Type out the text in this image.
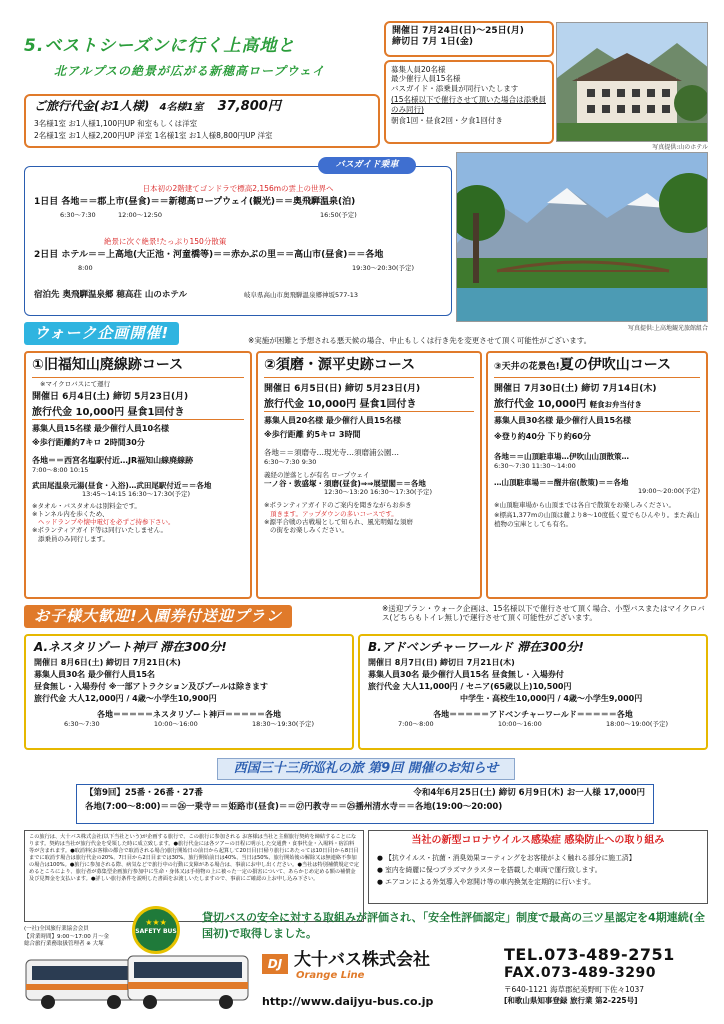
5.ベストシーズンに行く上高地と
北アルプスの絶景が広がる新穂高ロープウェイ
開催日 7月24日(日)～25日(月)
締切日 7月 1日(金)
募集人員20名様
最少催行人員15名様
バスガイド・添乗員が同行いたします
(15名様以下で催行させて頂いた場合は添乗員のみ同行)
朝食1回・昼食2回・夕食1回付き
写真提供:山のホテル
ご旅行代金(お1人様) 4名様1室 37,800円
3名様1室 お1人様1,100円UP 和室もしくは洋室
2名様1室 お1人様2,200円UP 洋室 1名様1室 お1人様8,800円UP 洋室
バスガイド乗車
日本初の2階建てゴンドラで標高2,156mの雲上の世界へ
1日目 各地＝＝郡上市(昼食)＝＝新穂高ロープウェイ(観光)＝＝奥飛騨温泉(泊)
6:30～7:30	12:00～12:50	16:50(予定)
絶景に次ぐ絶景!たっぷり150分散策
2日目 ホテル＝＝上高地(大正池・河童橋等)＝＝赤かぶの里＝＝高山市(昼食)＝＝各地
8:00	19:30～20:30(予定)
宿泊先 奥飛騨温泉郷 穂高荘 山のホテル	岐阜県高山市奥飛騨温泉郷神坂577-13
写真提供:上高地観光旅館組合
ウォーク企画開催!	※実施が困難と予想される悪天候の場合、中止もしくは行き先を変更させて頂く可能性がございます。
①旧福知山廃線跡コース
※マイクロバスにて運行
開催日 6月4日(土) 締切 5月23日(月)
旅行代金 10,000円 昼食1回付き
募集人員15名様 最少催行人員10名様
※歩行距離約7キロ 2時間30分
各地＝＝西宮名塩駅付近…JR福知山線廃線跡
7:00～8:00 10:15
武田尾温泉元湯(昼食・入浴)…武田尾駅付近＝＝各地
13:45～14:15 16:30～17:30(予定)
※タオル・バスタオルは別料金です。
※トンネル内を歩くため、
ヘッドランプや懐中電灯を必ずご持参下さい。
※ボランティアガイド等は同行いたしません。
添乗員のみ同行します。
②須磨・源平史跡コース
開催日 6月5日(日) 締切 5月23日(月)
旅行代金 10,000円 昼食1回付き
募集人員20名様 最少催行人員15名様
※歩行距離 約5キロ 3時間
各地＝＝須磨寺…現光寺…須磨浦公園…
6:30～7:30 9:30
義経の逆落としが有名 ロープウェイ
一ノ谷・敦盛塚・須磨(昼食)⇒⇒展望閣＝＝各地
12:30～13:20 16:30～17:30(予定)
※ボランティアガイドのご案内を聞きながらお歩き
頂きます。アップダウンの多いコースです。
※源平合戦の古戦場として知られ、風光明媚な須磨
の街をお楽しみください。
③天井の花景色!夏の伊吹山コース
開催日 7月30日(土) 締切 7月14日(木)
旅行代金 10,000円 軽食お弁当付き
募集人員30名様 最少催行人員15名様
※登り約40分 下り約60分
各地＝＝山頂駐車場…伊吹山山頂散策…
6:30～7:30 11:30～14:00
…山頂駐車場＝＝醒井宿(散策)＝＝各地
19:00～20:00(予定)
※山頂駐車場から山頂までは各自で散策をお楽しみください。
※標高1,377mの山頂は麓より8～10度低く夏でもひんやり。また高山植物の宝庫としても有名。
お子様大歓迎!入園券付送迎プラン	※送迎プラン・ウォーク企画は、15名様以下で催行させて頂く場合、小型バスまたはマイクロバス(どちらもトイレ無し)で運行させて頂く可能性がございます。
A.ネスタリゾート神戸 滞在300分!
開催日 8月6日(土) 締切日 7月21日(木)
募集人員30名 最少催行人員15名
昼食無し・入場券付 ※一部アトラクション及びプールは除きます
旅行代金 大人12,000円 / 4歳～小学生10,900円
各地＝＝＝＝＝ネスタリゾート神戸＝＝＝＝＝各地
6:30～7:30	10:00～16:00	18:30～19:30(予定)
B.アドベンチャーワールド 滞在300分!
開催日 8月7日(日) 締切日 7月21日(木)
募集人員30名 最少催行人員15名 昼食無し・入場券付
旅行代金 大人11,000円 / セニア(65歳以上)10,500円
中学生・高校生10,000円 / 4歳～小学生9,000円
各地＝＝＝＝＝アドベンチャーワールド＝＝＝＝＝各地
7:00～8:00	10:00～16:00	18:00～19:00(予定)
西国三十三所巡礼の旅 第9回 開催のお知らせ
【第9回】25番・26番・27番	令和4年6月25日(土) 締切 6月9日(木) お一人様 17,000円
各地(7:00～8:00)＝＝㉖一乗寺＝＝姫路市(昼食)＝＝㉗円教寺＝＝㉕播州清水寺＝＝各地(19:00～20:00)
この旅行は、大十バス株式会社(以下当社という)が企画する旅行で、この旅行に参加される お客様は当社と主催旅行契約を締結することになります。契約は当社が旅行代金を受領した時に成立致します。●旅行代金には各ツアーの日程に明示した交通費・食事代金・入場料・宿泊料等が含まれます。●取消料(お客様の都合で取消される場合)旅行開始日の前日から起算して20日目(日帰り旅行にあたっては10日目)から8日目までに取消す場合は旅行代金の20%、7日目から2日目までは30%、旅行開始前日は40%、当日は50%、旅行開始後の解除又は無連絡不参加の場合は100%。●旅行に参加される際、病気などで旅行中の行動に支障がある場合は、事前にお申し出ください。●当社は特別補償規定で定めるところにより、旅行者が募集型企画旅行参加中に生命・身体又は手荷物の上に被った一定の損害について、あらかじめ定める額の補償金及び見舞金を支払います。●詳しい旅行条件を説明した書面をお渡しいたしますので、事前にご確認の上お申し込み下さい。
当社の新型コロナウイルス感染症 感染防止への取り組み
● 【抗ウイルス・抗菌・消臭効果コーティングをお客様がよく触れる部分に施工済】
● 室内を綺麗に保つプラズマクラスターを搭載した車両で運行致します。
● エアコンによる外気導入や窓開け等の車内換気を定期的に行います。
(一社)全国旅行業協会会員
【営業時間】9:00～17:00 月～金
総合旅行業務取扱管理者 ※ 大塚
★★★
SAFETY BUS
貸切バスの安全に対する取組みが評価され、「安全性評価認定」制度で最高の三ツ星認定を4期連続(全国初)で取得しました。
DJ 大十バス株式会社
Orange Line
http://www.daijyu-bus.co.jp
TEL.073-489-2751
FAX.073-489-3290
〒640-1121 海草郡紀美野町下佐々1037
[和歌山県知事登録 旅行業 第2-225号]
